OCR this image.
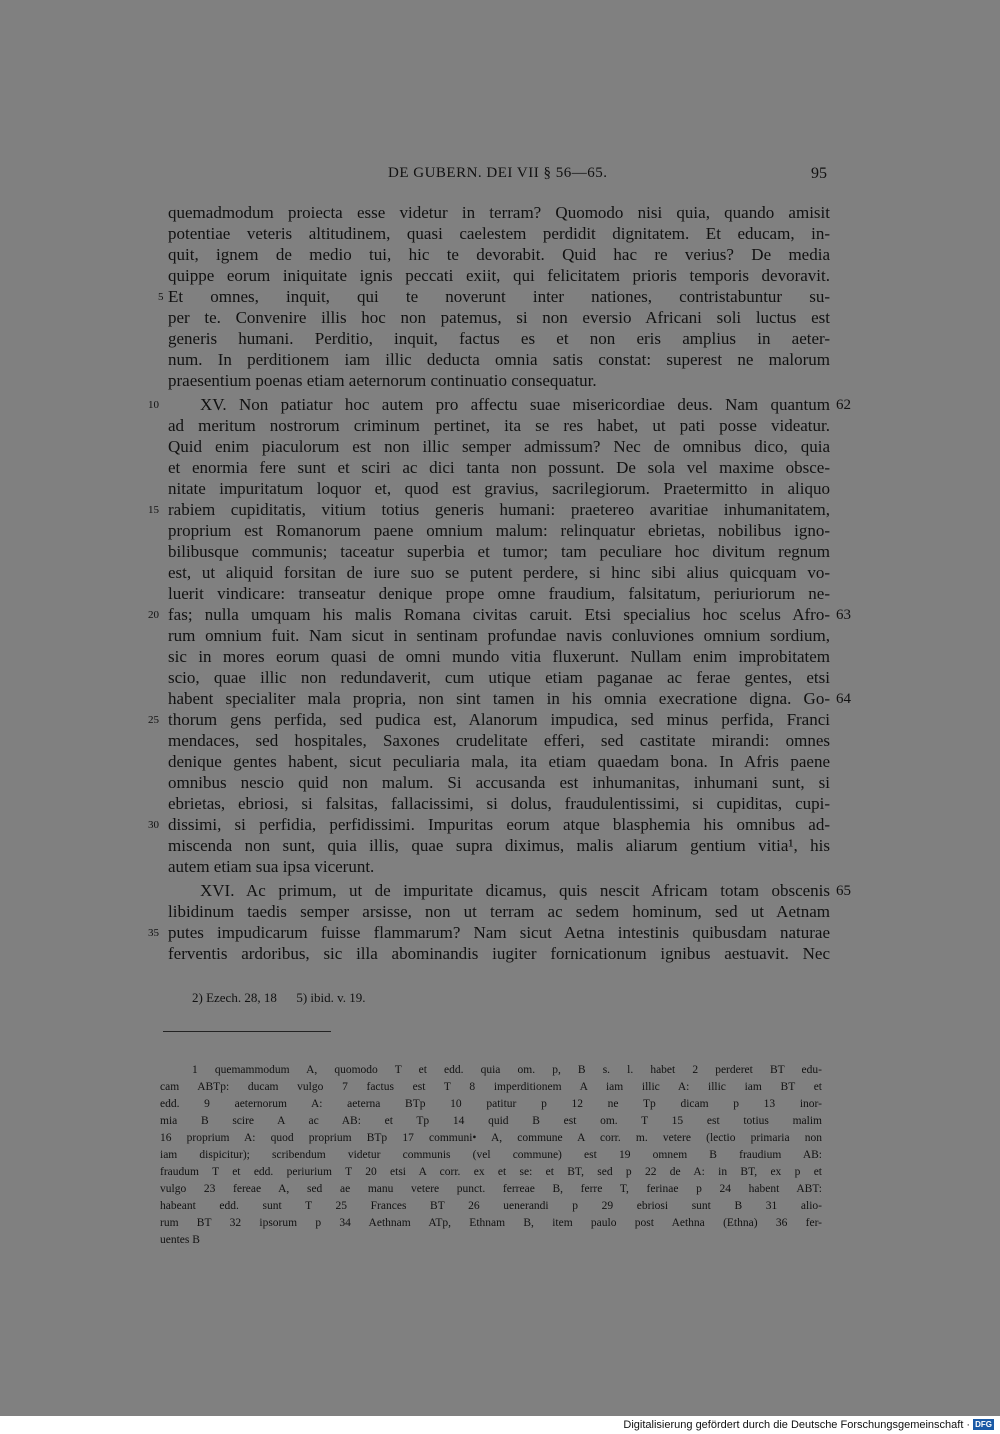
DE GUBERN. DEI VII § 56—65.	95
quemadmodum proiecta esse videtur in terram? Quomodo nisi quia, quando amisit
potentiae veteris altitudinem, quasi caelestem perdidit dignitatem. Et educam, in-
quit, ignem de medio tui, hic te devorabit. Quid hac re verius? De media
quippe eorum iniquitate ignis peccati exiit, qui felicitatem prioris temporis devoravit.
Et omnes, inquit, qui te noverunt inter nationes, contristabuntur su-
per te. Convenire illis hoc non patemus, si non eversio Africani soli luctus est
generis humani. Perditio, inquit, factus es et non eris amplius in aeter-
num. In perditionem iam illic deducta omnia satis constat: superest ne malorum
praesentium poenas etiam aeternorum continuatio consequatur.
XV. Non patiatur hoc autem pro affectu suae misericordiae deus. Nam quantum
ad meritum nostrorum criminum pertinet, ita se res habet, ut pati posse videatur.
Quid enim piaculorum est non illic semper admissum? Nec de omnibus dico, quia
et enormia fere sunt et sciri ac dici tanta non possunt. De sola vel maxime obsce-
nitate impuritatum loquor et, quod est gravius, sacrilegiorum. Praetermitto in aliquo
rabiem cupiditatis, vitium totius generis humani: praetereo avaritiae inhumanitatem,
proprium est Romanorum paene omnium malum: relinquatur ebrietas, nobilibus igno-
bilibusque communis; taceatur superbia et tumor; tam peculiare hoc divitum regnum
est, ut aliquid forsitan de iure suo se putent perdere, si hinc sibi alius quicquam vo-
luerit vindicare: transeatur denique prope omne fraudium, falsitatum, periuriorum ne-
fas; nulla umquam his malis Romana civitas caruit. Etsi specialius hoc scelus Afro-
rum omnium fuit. Nam sicut in sentinam profundae navis conluviones omnium sordium,
sic in mores eorum quasi de omni mundo vitia fluxerunt. Nullam enim improbitatem
scio, quae illic non redundaverit, cum utique etiam paganae ac ferae gentes, etsi
habent specialiter mala propria, non sint tamen in his omnia execratione digna. Go-
thorum gens perfida, sed pudica est, Alanorum impudica, sed minus perfida, Franci
mendaces, sed hospitales, Saxones crudelitate efferi, sed castitate mirandi: omnes
denique gentes habent, sicut peculiaria mala, ita etiam quaedam bona. In Afris paene
omnibus nescio quid non malum. Si accusanda est inhumanitas, inhumani sunt, si
ebrietas, ebriosi, si falsitas, fallacissimi, si dolus, fraudulentissimi, si cupiditas, cupi-
dissimi, si perfidia, perfidissimi. Impuritas eorum atque blasphemia his omnibus ad-
miscenda non sunt, quia illis, quae supra diximus, malis aliarum gentium vitia¹, his
autem etiam sua ipsa vicerunt.
XVI. Ac primum, ut de impuritate dicamus, quis nescit Africam totam obscenis
libidinum taedis semper arsisse, non ut terram ac sedem hominum, sed ut Aetnam
putes impudicarum fuisse flammarum? Nam sicut Aetna intestinis quibusdam naturae
ferventis ardoribus, sic illa abominandis iugiter fornicationum ignibus aestuavit. Nec
5
10
15
20
25
30
35
62
63
64
65
2) Ezech. 28, 18      5) ibid. v. 19.
1 quemammodum A, quomodo T et edd. quia om. p, B s. l. habet 2 perderet BT edu-
cam ABTp: ducam vulgo 7 factus est T 8 imperditionem A iam illic A: illic iam BT et
edd. 9 aeternorum A: aeterna BTp 10 patitur p 12 ne Tp dicam p 13 inor-
mia B scire A ac AB: et Tp 14 quid B est om. T 15 est totius malim
16 proprium A: quod proprium BTp 17 communi• A, commune A corr. m. vetere (lectio primaria non
iam dispicitur); scribendum videtur communis (vel commune) est 19 omnem B fraudium AB:
fraudum T et edd. periurium T 20 etsi A corr. ex et se: et BT, sed p 22 de A: in BT, ex p et
vulgo 23 fereae A, sed ae manu vetere punct. ferreae B, ferre T, ferinae p 24 habent ABT:
habeant edd. sunt T 25 Frances BT 26 uenerandi p 29 ebriosi sunt B 31 alio-
rum BT 32 ipsorum p 34 Aethnam ATp, Ethnam B, item paulo post Aethna (Ethna) 36 fer-
uentes B
Digitalisierung gefördert durch die Deutsche Forschungsgemeinschaft · DFG
